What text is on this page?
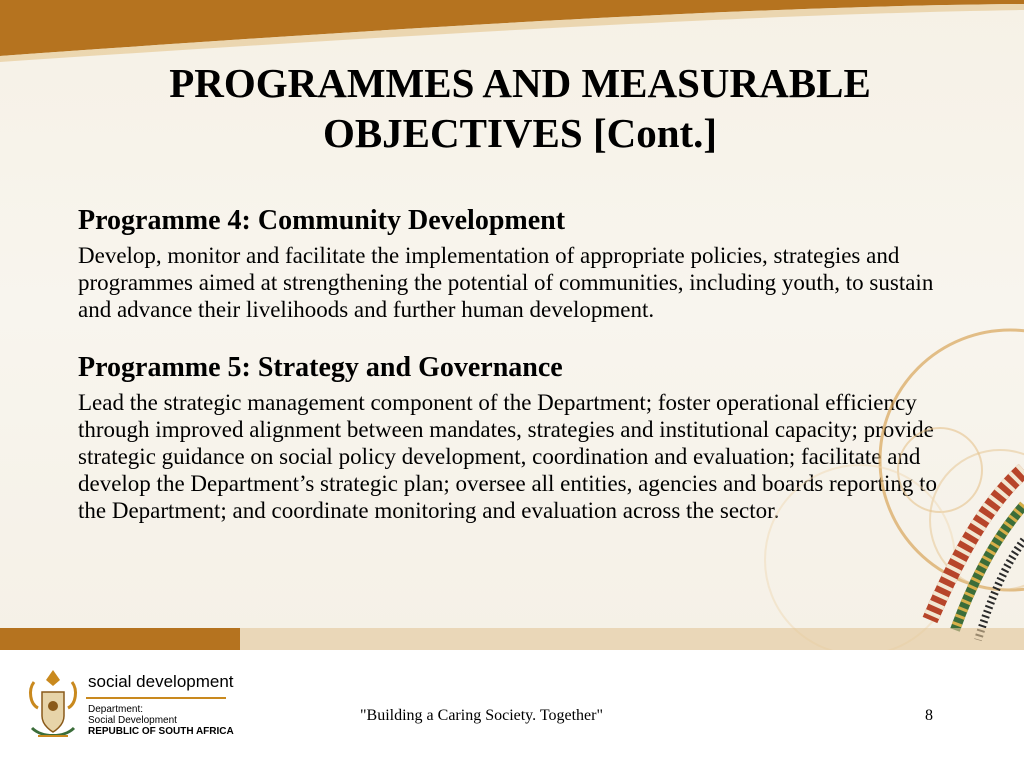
PROGRAMMES AND MEASURABLE
OBJECTIVES [Cont.]

Programme 4: Community Development

Develop, monitor and facilitate the implementation of appropriate policies, strategies and programmes aimed at strengthening the potential of communities, including youth, to sustain and advance their livelihoods and further human development.

Programme 5: Strategy and Governance

Lead the strategic management component of the Department; foster operational efficiency through improved alignment between mandates, strategies and institutional capacity; provide strategic guidance on social policy development, coordination and evaluation; facilitate and develop the Department’s strategic plan; oversee all entities, agencies and boards reporting to the Department; and coordinate monitoring and evaluation across the sector.

social development
Department:
Social Development
REPUBLIC OF SOUTH AFRICA
"Building a Caring Society. Together"	8
